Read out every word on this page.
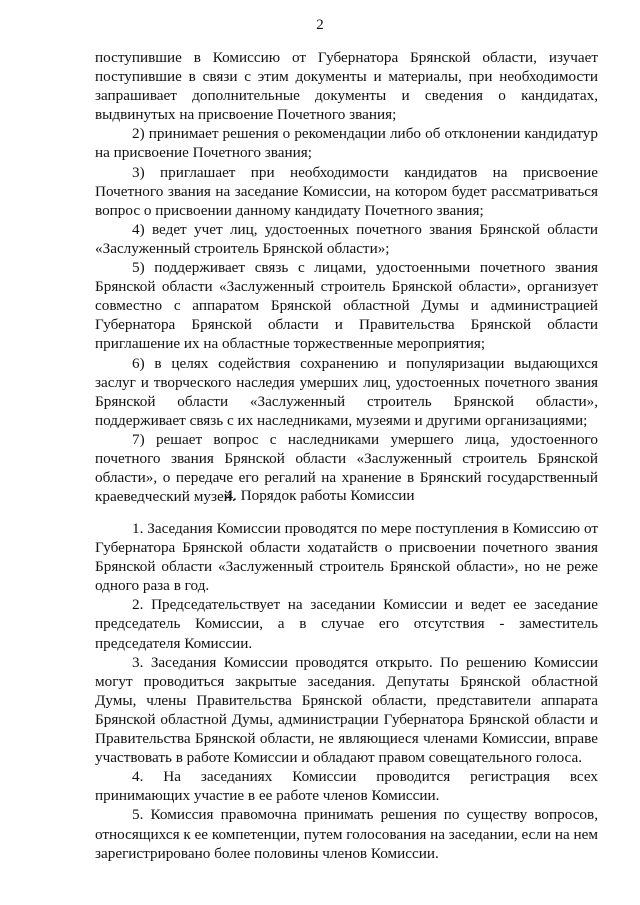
2

поступившие в Комиссию от Губернатора Брянской области, изучает поступившие в связи с этим документы и материалы, при необходимости запрашивает дополнительные документы и сведения о кандидатах, выдвинутых на присвоение Почетного звания;

2) принимает решения о рекомендации либо об отклонении кандидатур на присвоение Почетного звания;

3) приглашает при необходимости кандидатов на присвоение Почетного звания на заседание Комиссии, на котором будет рассматриваться вопрос о присвоении данному кандидату Почетного звания;

4) ведет учет лиц, удостоенных почетного звания Брянской области «Заслуженный строитель Брянской области»;

5) поддерживает связь с лицами, удостоенными почетного звания Брянской области «Заслуженный строитель Брянской области», организует совместно с аппаратом Брянской областной Думы и администрацией Губернатора Брянской области и Правительства Брянской области приглашение их на областные торжественные мероприятия;

6) в целях содействия сохранению и популяризации выдающихся заслуг и творческого наследия умерших лиц, удостоенных почетного звания Брянской области «Заслуженный строитель Брянской области», поддерживает связь с их наследниками, музеями и другими организациями;

7) решает вопрос с наследниками умершего лица, удостоенного почетного звания Брянской области «Заслуженный строитель Брянской области», о передаче его регалий на хранение в Брянский государственный краеведческий музей.

4. Порядок работы Комиссии

1. Заседания Комиссии проводятся по мере поступления в Комиссию от Губернатора Брянской области ходатайств о присвоении почетного звания Брянской области «Заслуженный строитель Брянской области», но не реже одного раза в год.

2. Председательствует на заседании Комиссии и ведет ее заседание председатель Комиссии, а в случае его отсутствия - заместитель председателя Комиссии.

3. Заседания Комиссии проводятся открыто. По решению Комиссии могут проводиться закрытые заседания. Депутаты Брянской областной Думы, члены Правительства Брянской области, представители аппарата Брянской областной Думы, администрации Губернатора Брянской области и Правительства Брянской области, не являющиеся членами Комиссии, вправе участвовать в работе Комиссии и обладают правом совещательного голоса.

4. На заседаниях Комиссии проводится регистрация всех принимающих участие в ее работе членов Комиссии.

5. Комиссия правомочна принимать решения по существу вопросов, относящихся к ее компетенции, путем голосования на заседании, если на нем зарегистрировано более половины членов Комиссии.
